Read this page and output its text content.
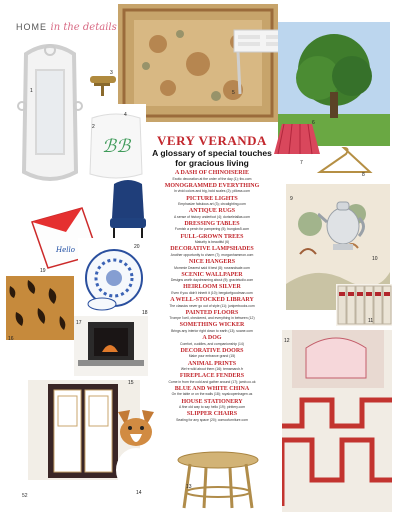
HOME in the details
ℬℬ
Hello
1
2
3
4
5
6
7
8
9
10
11
12
13
14
15
16
17
18
19
20
VERY VERANDA
A glossary of special touches for gracious living
A DASH OF CHINOISERIE
Exotic decoration at the order of the day (1); tbc.com
MONOGRAMMED EVERYTHING
In vivid colors and big, bold scales (2); pillows.com
PICTURE LIGHTS
Emphasize fabulous art (3); circalighting.com
ANTIQUE RUGS
A sense of history underfoot (4); doriseleiallas.com
DRESSING TABLES
Furnish a perch for pampering (5); bunglow5.com
FULL-GROWN TREES
Maturity is beautiful (6)
DECORATIVE LAMPSHADES
Another opportunity to charm (7); morganhammon.com
NICE HANGERS
Mommie Dearest said it best (8); roseandsale.com
SCENIC WALLPAPER
Designs worth daydreaming about (9); gracietudio.com
HEIRLOOM SILVER
Even if you didn't inherit it (10); bergdorfgoodman.com
A WELL-STOCKED LIBRARY
The classics never go out of style (11); juniperbooks.com
PAINTED FLOORS
Trompe l'oeil, checkered, and everything in between (12)
SOMETHING WICKER
Brings any interior right down to earth (13); soane.com
A DOG
Comfort, cuddles, and companionship (14)
DECORATIVE DOORS
Make your entrance grand (15)
ANIMAL PRINTS
We're wild about them (16); temamarch.fr
FIREPLACE FENDERS
Come in from the cold and gather around (17); jamb.co.uk
BLUE AND WHITE CHINA
On the table or on the walls (18); royalcopenhagen.us
HOUSE STATIONERY
A fine old way to say hello (19); pinttery.com
SLIPPER CHAIRS
Seating for any space (20); oomoofurniture.com
52
